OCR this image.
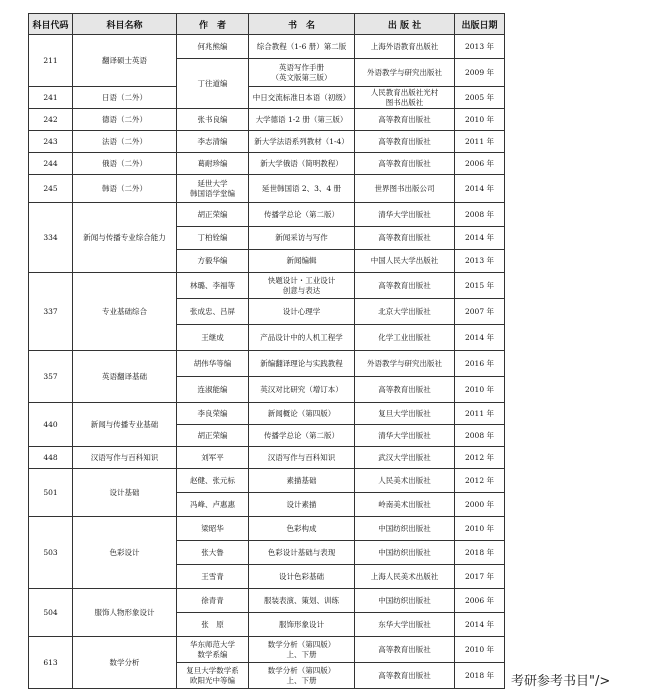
科目代码	科目名称	作　者	书　名	出 版 社	出版日期
211	翻译硕士英语	何兆熊编	综合教程（1-6 册）第二版	上海外语教育出版社	2013 年
		丁往道编	英语写作手册
（英文版第三版）	外语教学与研究出版社	2009 年
241	日语（二外）		中日交流标准日本语（初级）	人民教育出版社光村
图书出版社	2005 年
242	德语（二外）	张书良编	大学德语 1-2 册（第三版）	高等教育出版社	2010 年
243	法语（二外）	李志清编	新大学法语系列教材（1-4）	高等教育出版社	2011 年
244	俄语（二外）	葛耐珍编	新大学俄语（简明教程）	高等教育出版社	2006 年
245	韩语（二外）	延世大学
韩国语学堂编	延世韩国语 2、3、4 册	世界图书出版公司	2014 年
334	新闻与传播专业综合能力	胡正荣编	传播学总论（第二版）	清华大学出版社	2008 年
		丁柏铨编	新闻采访与写作	高等教育出版社	2014 年
		方毅华编	新闻编辑	中国人民大学出版社	2013 年
337	专业基础综合	林璐、李福等	快题设计・工业设计
创意与表达	高等教育出版社	2015 年
		张成忠、吕屏	设计心理学	北京大学出版社	2007 年
		王继成	产品设计中的人机工程学	化学工业出版社	2014 年
357	英语翻译基础	胡伟华等编	新编翻译理论与实践教程	外语教学与研究出版社	2016 年
		连淑能编	英汉对比研究（增订本）	高等教育出版社	2010 年
440	新闻与传播专业基础	李良荣编	新闻概论（第四版）	复旦大学出版社	2011 年
		胡正荣编	传播学总论（第二版）	清华大学出版社	2008 年
448	汉语写作与百科知识	刘军平	汉语写作与百科知识	武汉大学出版社	2012 年
501	设计基础	赵健、张元标	素描基础	人民美术出版社	2012 年
		冯峰、卢惠惠	设计素描	岭南美术出版社	2000 年
503	色彩设计	梁昭华	色彩构成	中国纺织出版社	2010 年
		张大鲁	色彩设计基础与表现	中国纺织出版社	2018 年
		王雪青	设计色彩基础	上海人民美术出版社	2017 年
504	服饰人物形象设计	徐青青	服装表演、策划、训练	中国纺织出版社	2006 年
		张　原	服饰形象设计	东华大学出版社	2014 年
613	数学分析	华东师范大学
数学系编	数学分析（第四版）
上、下册	高等教育出版社	2010 年
		复旦大学数学系
欧阳光中等编	数学分析（第四版）
上、下册	高等教育出版社	2018 年 考研参考书目"/>
